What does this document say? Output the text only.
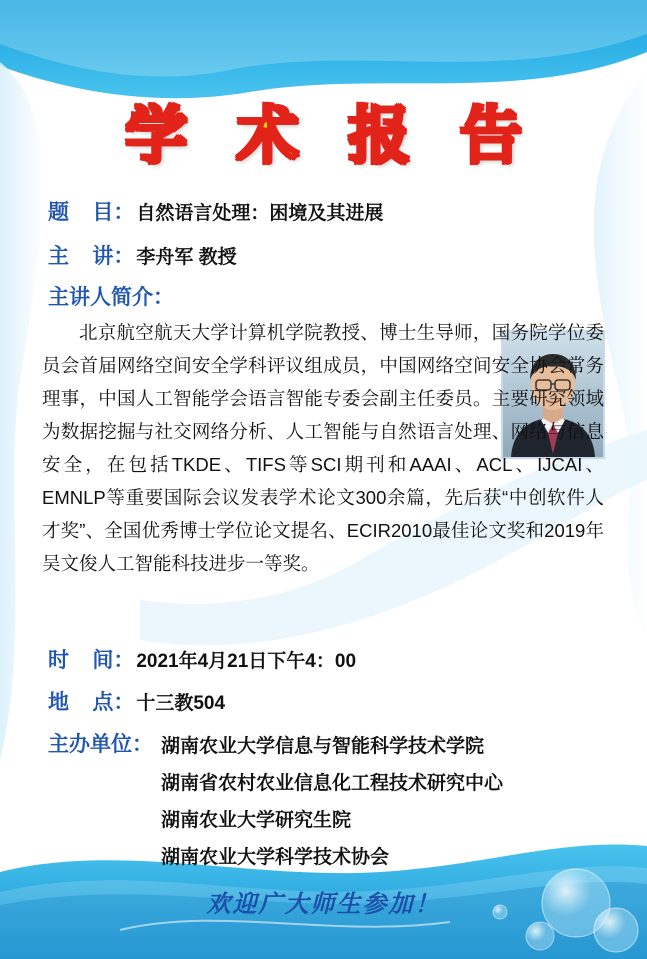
学 术 报 告
题    目： 自然语言处理：困境及其进展
主    讲： 李舟军 教授
主讲人简介：

北京航空航天大学计算机学院教授、博士生导师，国务院学位委员会首届网络空间安全学科评议组成员，中国网络空间安全协会常务理事，中国人工智能学会语言智能专委会副主任委员。主要研究领域为数据挖掘与社交网络分析、人工智能与自然语言处理、网络与信息安全，在包括TKDE、TIFS等SCI期刊和AAAI、ACL、IJCAI、EMNLP等重要国际会议发表学术论文300余篇，先后获“中创软件人才奖”、全国优秀博士学位论文提名、ECIR2010最佳论文奖和2019年吴文俊人工智能科技进步一等奖。

时    间： 2021年4月21日下午4：00
地    点： 十三教504
主办单位： 湖南农业大学信息与智能科学技术学院
湖南省农村农业信息化工程技术研究中心
湖南农业大学研究生院
湖南农业大学科学技术协会
欢迎广大师生参加！
